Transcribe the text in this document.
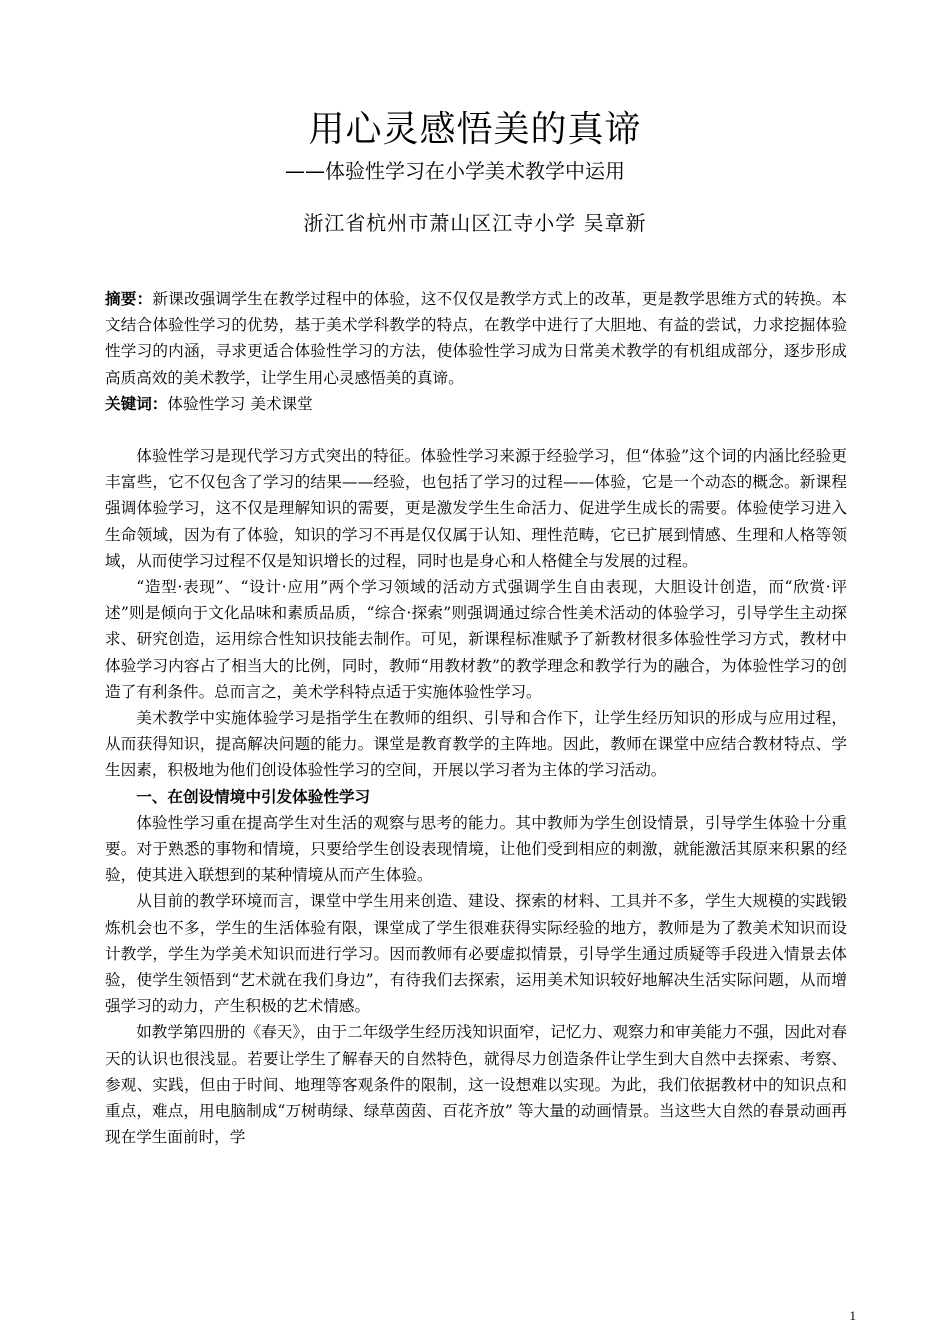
用心灵感悟美的真谛
——体验性学习在小学美术教学中运用
浙江省杭州市萧山区江寺小学 吴章新

摘要：新课改强调学生在教学过程中的体验，这不仅仅是教学方式上的改革，更是教学思维方式的转换。本文结合体验性学习的优势，基于美术学科教学的特点，在教学中进行了大胆地、有益的尝试，力求挖掘体验性学习的内涵，寻求更适合体验性学习的方法，使体验性学习成为日常美术教学的有机组成部分，逐步形成高质高效的美术教学，让学生用心灵感悟美的真谛。

关键词：体验性学习 美术课堂

体验性学习是现代学习方式突出的特征。体验性学习来源于经验学习，但“体验”这个词的内涵比经验更丰富些，它不仅包含了学习的结果——经验，也包括了学习的过程——体验，它是一个动态的概念。新课程强调体验学习，这不仅是理解知识的需要，更是激发学生生命活力、促进学生成长的需要。体验使学习进入生命领域，因为有了体验，知识的学习不再是仅仅属于认知、理性范畴，它已扩展到情感、生理和人格等领域，从而使学习过程不仅是知识增长的过程，同时也是身心和人格健全与发展的过程。

“造型·表现”、“设计·应用”两个学习领域的活动方式强调学生自由表现，大胆设计创造，而“欣赏·评述”则是倾向于文化品味和素质品质，“综合·探索”则强调通过综合性美术活动的体验学习，引导学生主动探求、研究创造，运用综合性知识技能去制作。可见，新课程标准赋予了新教材很多体验性学习方式，教材中体验学习内容占了相当大的比例，同时，教师“用教材教”的教学理念和教学行为的融合，为体验性学习的创造了有利条件。总而言之，美术学科特点适于实施体验性学习。

美术教学中实施体验学习是指学生在教师的组织、引导和合作下，让学生经历知识的形成与应用过程，从而获得知识，提高解决问题的能力。课堂是教育教学的主阵地。因此，教师在课堂中应结合教材特点、学生因素，积极地为他们创设体验性学习的空间，开展以学习者为主体的学习活动。

一、在创设情境中引发体验性学习

体验性学习重在提高学生对生活的观察与思考的能力。其中教师为学生创设情景，引导学生体验十分重要。对于熟悉的事物和情境，只要给学生创设表现情境，让他们受到相应的刺激，就能激活其原来积累的经验，使其进入联想到的某种情境从而产生体验。

从目前的教学环境而言，课堂中学生用来创造、建设、探索的材料、工具并不多，学生大规模的实践锻炼机会也不多，学生的生活体验有限，课堂成了学生很难获得实际经验的地方，教师是为了教美术知识而设计教学，学生为学美术知识而进行学习。因而教师有必要虚拟情景，引导学生通过质疑等手段进入情景去体验，使学生领悟到“艺术就在我们身边”，有待我们去探索，运用美术知识较好地解决生活实际问题，从而增强学习的动力，产生积极的艺术情感。

如教学第四册的《春天》，由于二年级学生经历浅知识面窄，记忆力、观察力和审美能力不强，因此对春天的认识也很浅显。若要让学生了解春天的自然特色，就得尽力创造条件让学生到大自然中去探索、考察、参观、实践，但由于时间、地理等客观条件的限制，这一设想难以实现。为此，我们依据教材中的知识点和重点，难点，用电脑制成“万树萌绿、绿草茵茵、百花齐放” 等大量的动画情景。当这些大自然的春景动画再现在学生面前时，学

1
